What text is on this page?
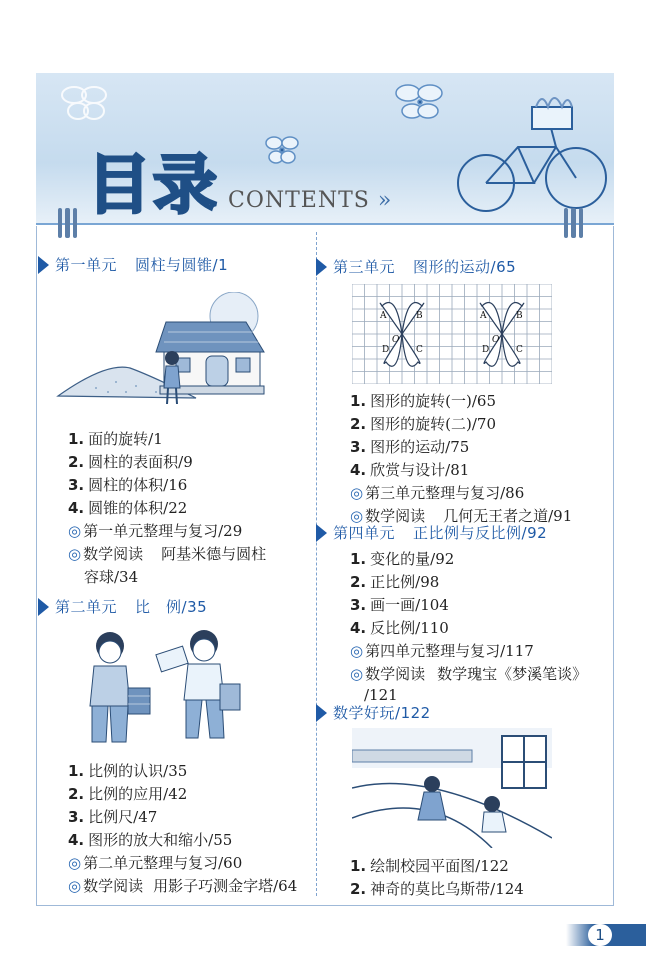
目录 CONTENTS »
第一单元 圆柱与圆锥 /1
1. 面的旋转/1
2. 圆柱的表面积/9
3. 圆柱的体积/16
4. 圆锥的体积/22
◎ 第一单元整理与复习/29
◎ 数学阅读 阿基米德与圆柱
容球/34
第二单元 比　例 /35
1. 比例的认识/35
2. 比例的应用/42
3. 比例尺/47
4. 图形的放大和缩小/55
◎ 第二单元整理与复习/60
◎ 数学阅读 用影子巧测金字塔/64
第三单元 图形的运动 /65
A	B
C
D
O
A	B
C
D
O
1. 图形的旋转(一)/65
2. 图形的旋转(二)/70
3. 图形的运动/75
4. 欣赏与设计/81
◎ 第三单元整理与复习/86
◎ 数学阅读 几何无王者之道/91
第四单元 正比例与反比例 /92
1. 变化的量/92
2. 正比例/98
3. 画一画/104
4. 反比例/110
◎ 第四单元整理与复习/117
◎ 数学阅读 数学瑰宝《梦溪笔谈》
/121
数学好玩 /122
1. 绘制校园平面图/122
2. 神奇的莫比乌斯带/124
1
